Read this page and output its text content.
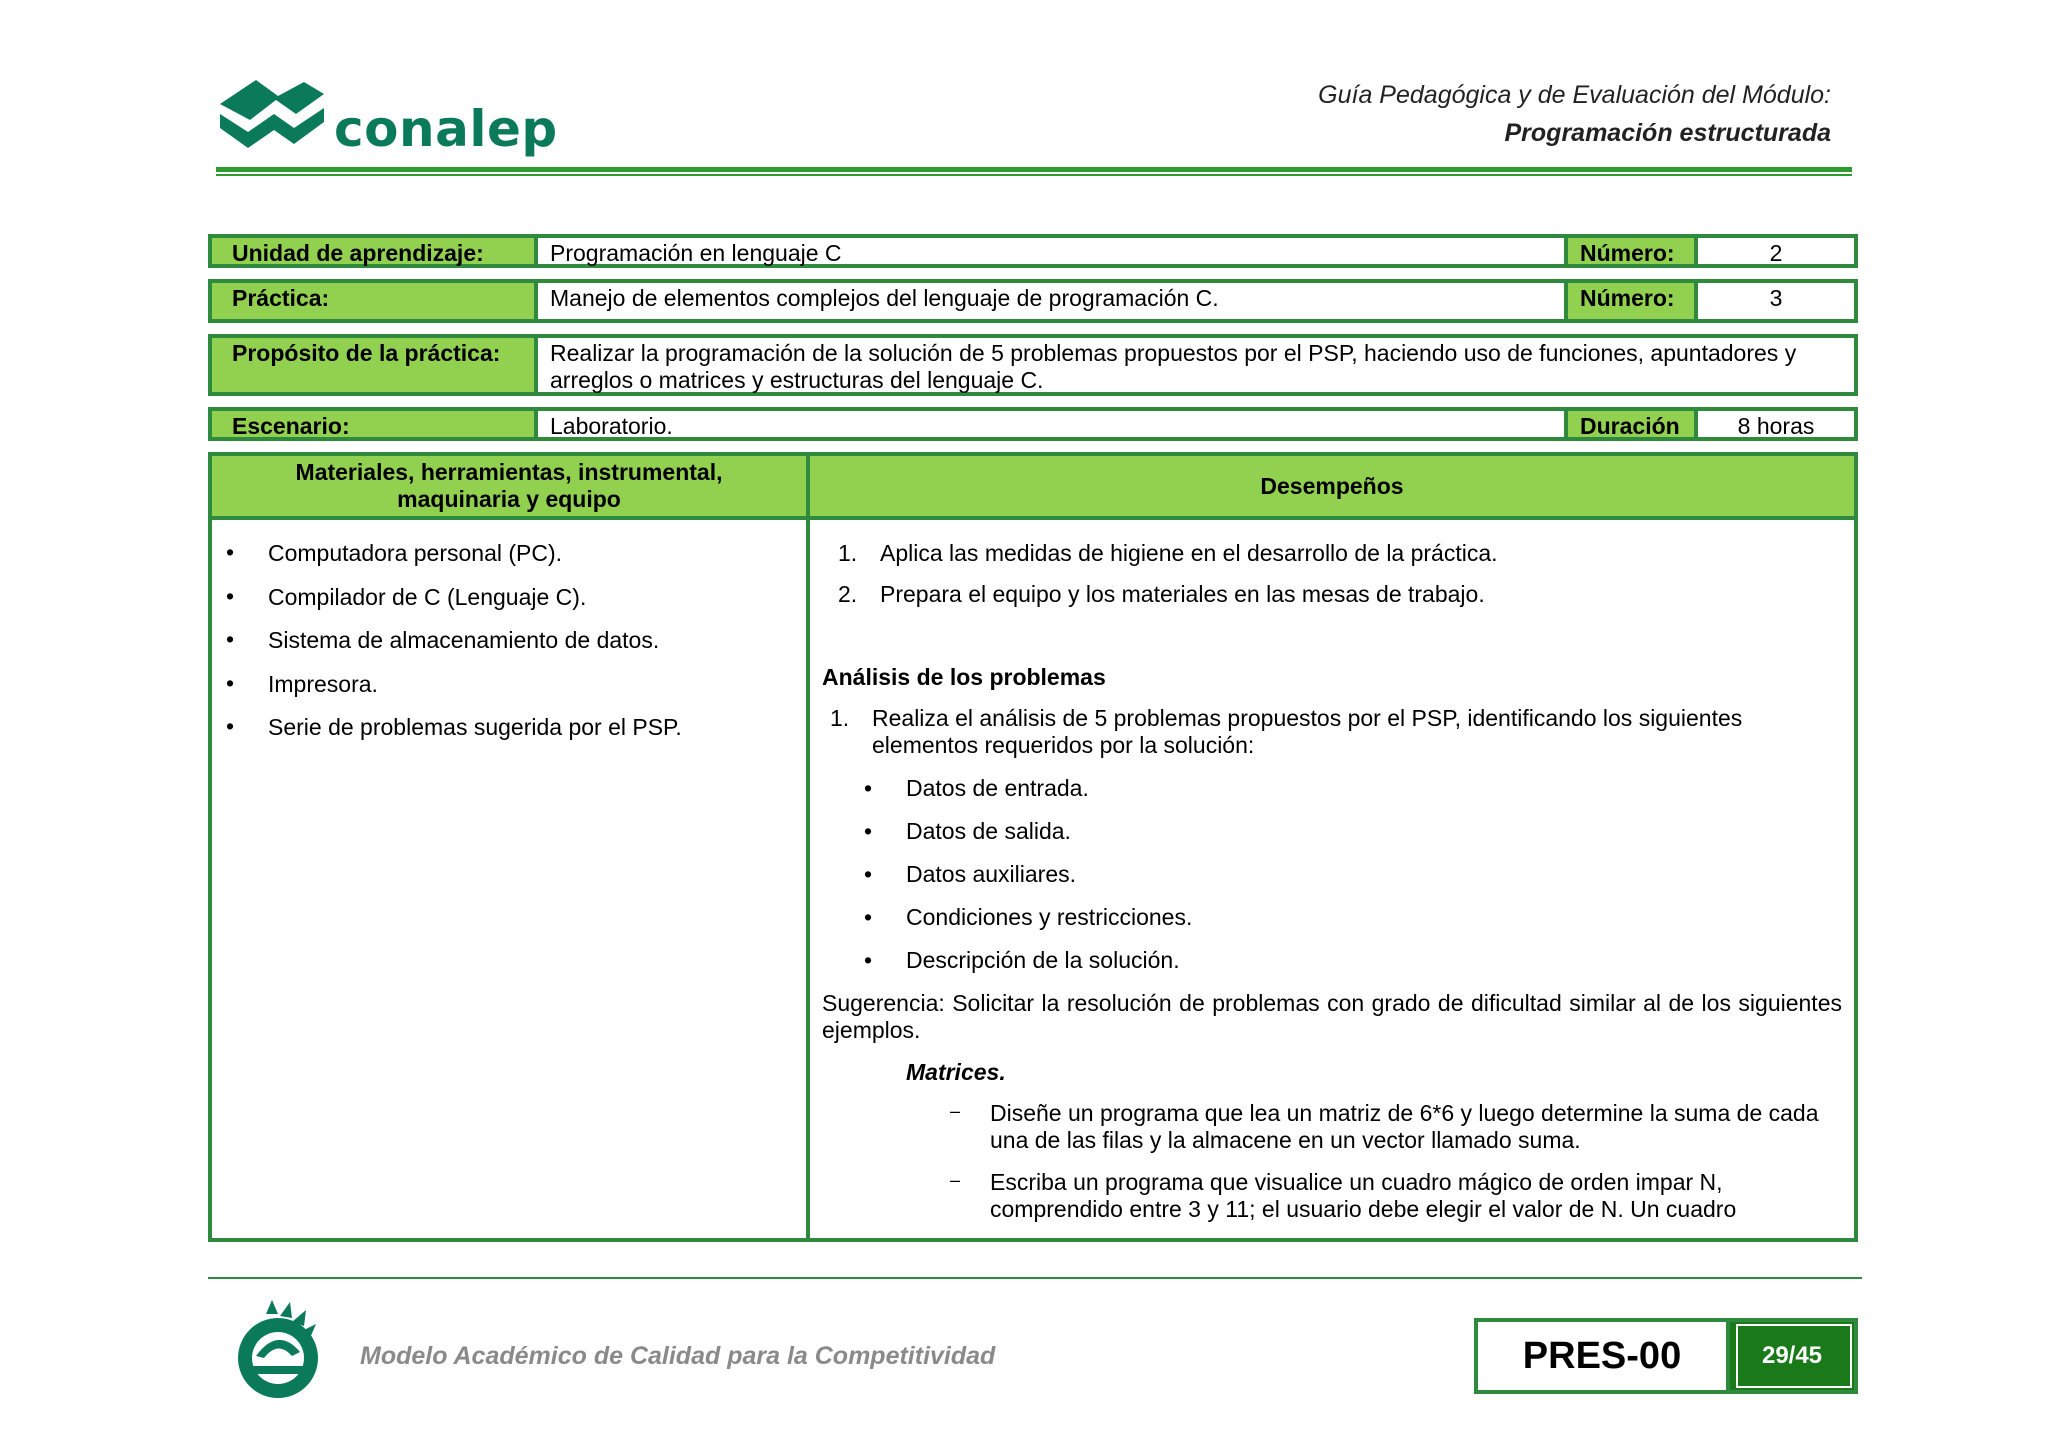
conalep
Guía Pedagógica y de Evaluación del Módulo:
Programación estructurada
Unidad de aprendizaje:	Programación en lenguaje C	Número:	2
Práctica:	Manejo de elementos complejos del lenguaje de programación C.	Número:	3
Propósito de la práctica:	Realizar la programación de la solución de 5 problemas propuestos por el PSP, haciendo uso de funciones, apuntadores y arreglos o matrices y estructuras del lenguaje C.
Escenario:	Laboratorio.	Duración	8 horas
Materiales, herramientas, instrumental, maquinaria y equipo
Desempeños
• Computadora personal (PC).
• Compilador de C (Lenguaje C).
• Sistema de almacenamiento de datos.
• Impresora.
• Serie de problemas sugerida por el PSP.
1. Aplica las medidas de higiene en el desarrollo de la práctica.
2. Prepara el equipo y los materiales en las mesas de trabajo.
Análisis de los problemas
1. Realiza el análisis de 5 problemas propuestos por el PSP, identificando los siguientes elementos requeridos por la solución:
• Datos de entrada.
• Datos de salida.
• Datos auxiliares.
• Condiciones y restricciones.
• Descripción de la solución.
Sugerencia: Solicitar la resolución de problemas con grado de dificultad similar al de los siguientes ejemplos.
Matrices.
– Diseñe un programa que lea un matriz de 6*6 y luego determine la suma de cada una de las filas y la almacene en un vector llamado suma.
– Escriba un programa que visualice un cuadro mágico de orden impar N, comprendido entre 3 y 11; el usuario debe elegir el valor de N. Un cuadro
Modelo Académico de Calidad para la Competitividad	PRES-00	29/45
